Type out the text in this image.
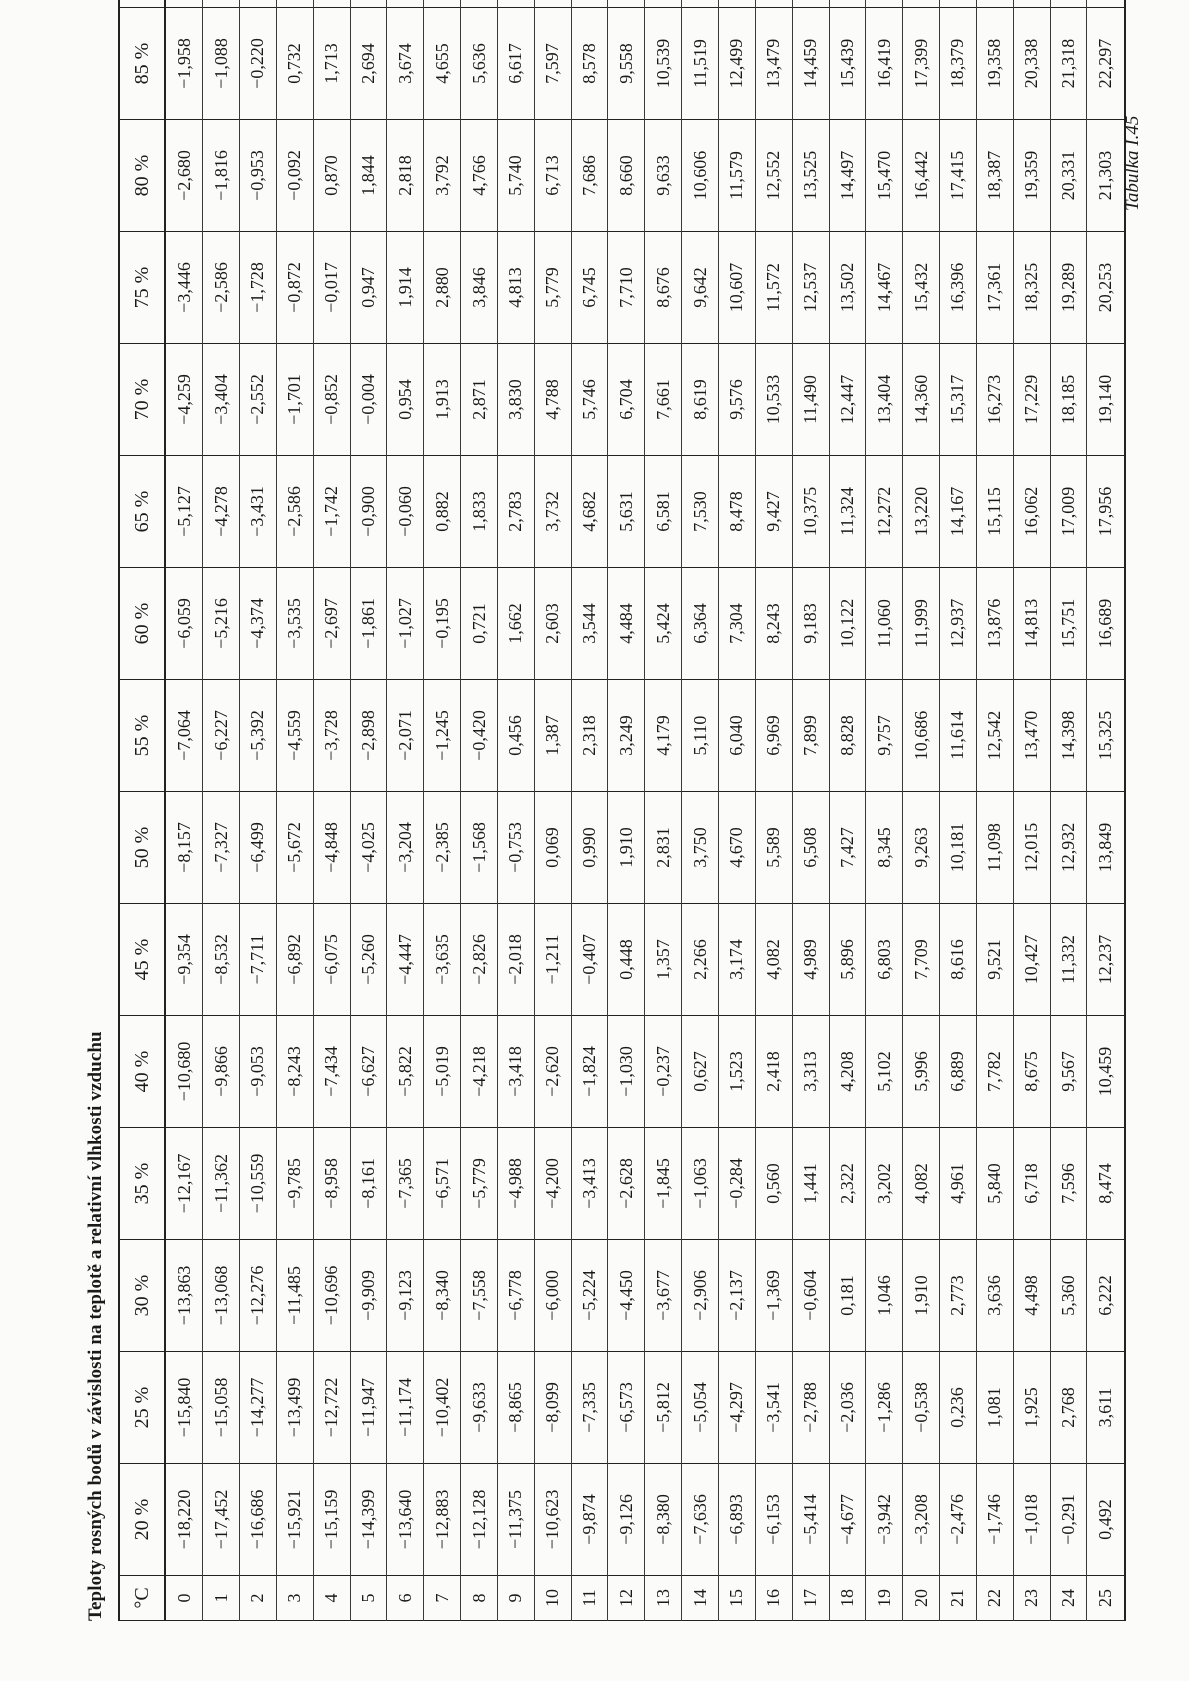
Teploty rosných bodů v závislosti na teplotě a relativní vlhkosti vzduchu °C	20 %	25 %	30 %	35 %	40 %	45 %	50 %	55 %	60 %	65 %	70 %	75 %	80 %	85 %		
0	−18,220	−15,840	−13,863	−12,167	−10,680	−9,354	−8,157	−7,064	−6,059	−5,127	−4,259	−3,446	−2,680	−1,958		
1	−17,452	−15,058	−13,068	−11,362	−9,866	−8,532	−7,327	−6,227	−5,216	−4,278	−3,404	−2,586	−1,816	−1,088		
2	−16,686	−14,277	−12,276	−10,559	−9,053	−7,711	−6,499	−5,392	−4,374	−3,431	−2,552	−1,728	−0,953	−0,220		
3	−15,921	−13,499	−11,485	−9,785	−8,243	−6,892	−5,672	−4,559	−3,535	−2,586	−1,701	−0,872	−0,092	0,732		
4	−15,159	−12,722	−10,696	−8,958	−7,434	−6,075	−4,848	−3,728	−2,697	−1,742	−0,852	−0,017	0,870	1,713		
5	−14,399	−11,947	−9,909	−8,161	−6,627	−5,260	−4,025	−2,898	−1,861	−0,900	−0,004	0,947	1,844	2,694		
6	−13,640	−11,174	−9,123	−7,365	−5,822	−4,447	−3,204	−2,071	−1,027	−0,060	0,954	1,914	2,818	3,674		
7	−12,883	−10,402	−8,340	−6,571	−5,019	−3,635	−2,385	−1,245	−0,195	0,882	1,913	2,880	3,792	4,655		
8	−12,128	−9,633	−7,558	−5,779	−4,218	−2,826	−1,568	−0,420	0,721	1,833	2,871	3,846	4,766	5,636		
9	−11,375	−8,865	−6,778	−4,988	−3,418	−2,018	−0,753	0,456	1,662	2,783	3,830	4,813	5,740	6,617		
10	−10,623	−8,099	−6,000	−4,200	−2,620	−1,211	0,069	1,387	2,603	3,732	4,788	5,779	6,713	7,597		
11	−9,874	−7,335	−5,224	−3,413	−1,824	−0,407	0,990	2,318	3,544	4,682	5,746	6,745	7,686	8,578		
12	−9,126	−6,573	−4,450	−2,628	−1,030	0,448	1,910	3,249	4,484	5,631	6,704	7,710	8,660	9,558		
13	−8,380	−5,812	−3,677	−1,845	−0,237	1,357	2,831	4,179	5,424	6,581	7,661	8,676	9,633	10,539		
14	−7,636	−5,054	−2,906	−1,063	0,627	2,266	3,750	5,110	6,364	7,530	8,619	9,642	10,606	11,519		
15	−6,893	−4,297	−2,137	−0,284	1,523	3,174	4,670	6,040	7,304	8,478	9,576	10,607	11,579	12,499		
16	−6,153	−3,541	−1,369	0,560	2,418	4,082	5,589	6,969	8,243	9,427	10,533	11,572	12,552	13,479		
17	−5,414	−2,788	−0,604	1,441	3,313	4,989	6,508	7,899	9,183	10,375	11,490	12,537	13,525	14,459		
18	−4,677	−2,036	0,181	2,322	4,208	5,896	7,427	8,828	10,122	11,324	12,447	13,502	14,497	15,439		
19	−3,942	−1,286	1,046	3,202	5,102	6,803	8,345	9,757	11,060	12,272	13,404	14,467	15,470	16,419		
20	−3,208	−0,538	1,910	4,082	5,996	7,709	9,263	10,686	11,999	13,220	14,360	15,432	16,442	17,399		
21	−2,476	0,236	2,773	4,961	6,889	8,616	10,181	11,614	12,937	14,167	15,317	16,396	17,415	18,379		
22	−1,746	1,081	3,636	5,840	7,782	9,521	11,098	12,542	13,876	15,115	16,273	17,361	18,387	19,358		
23	−1,018	1,925	4,498	6,718	8,675	10,427	12,015	13,470	14,813	16,062	17,229	18,325	19,359	20,338		
24	−0,291	2,768	5,360	7,596	9,567	11,332	12,932	14,398	15,751	17,009	18,185	19,289	20,331	21,318		
25	0,492	3,611	6,222	8,474	10,459	12,237	13,849	15,325	16,689	17,956	19,140	20,253	21,303	22,297		
Tabulka I.45
